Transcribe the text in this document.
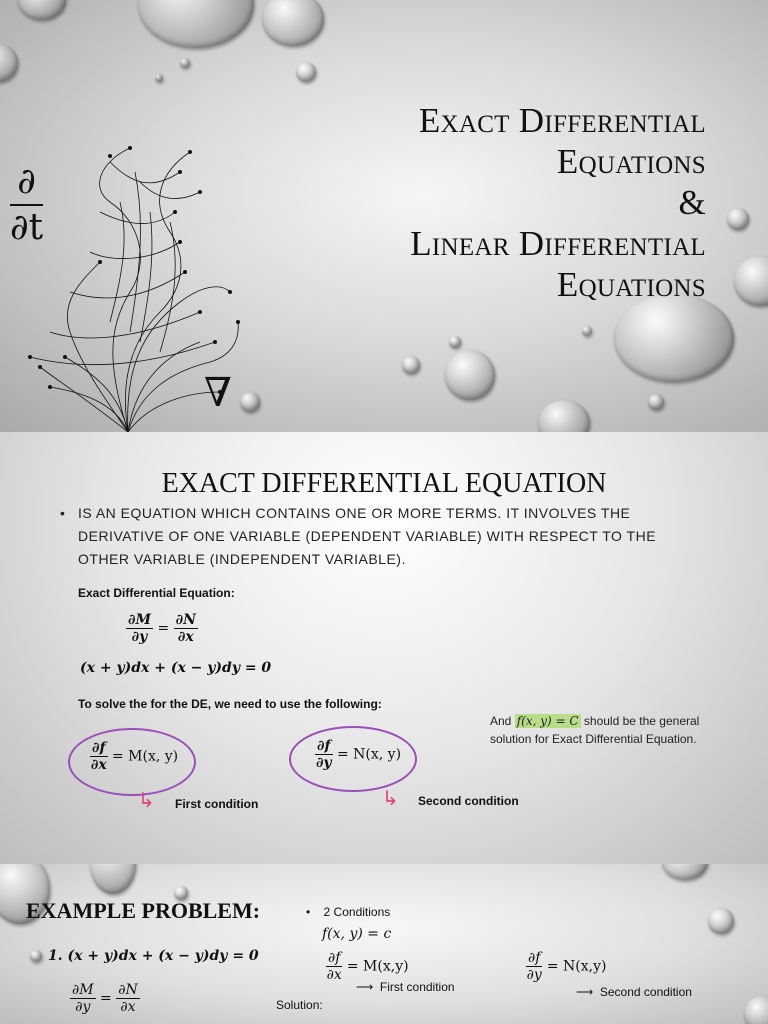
∂
∂t
∇
Exact Differential
Equations
&
Linear Differential
Equations
EXACT DIFFERENTIAL EQUATION
• IS AN EQUATION WHICH CONTAINS ONE OR MORE TERMS. IT INVOLVES THE DERIVATIVE OF ONE VARIABLE (DEPENDENT VARIABLE) WITH RESPECT TO THE OTHER VARIABLE (INDEPENDENT VARIABLE).
Exact Differential Equation:
$\frac{\partial M}{\partial y} = \frac{\partial N}{\partial x}$
(x + y)dx + (x − y)dy = 0
To solve the for the DE, we need to use the following:
$\frac{\partial f}{\partial x} = M(x$, y)
↳ First condition
$\frac{\partial f}{\partial y} = N(x$, y)
↳ Second condition
And f(x, y) = C should be the general solution for Exact Differential Equation.
EXAMPLE PROBLEM:
1. (x + y)dx + (x − y)dy = 0
$\frac{\partial M}{\partial y} = \frac{\partial N}{\partial x}$
•    2 Conditions
f(x, y) = c
$\frac{\partial f}{\partial x} = M(x,y)$
⟶ First condition
$\frac{\partial f}{\partial y} = N(x,y)$
⟶ Second condition
Solution:
